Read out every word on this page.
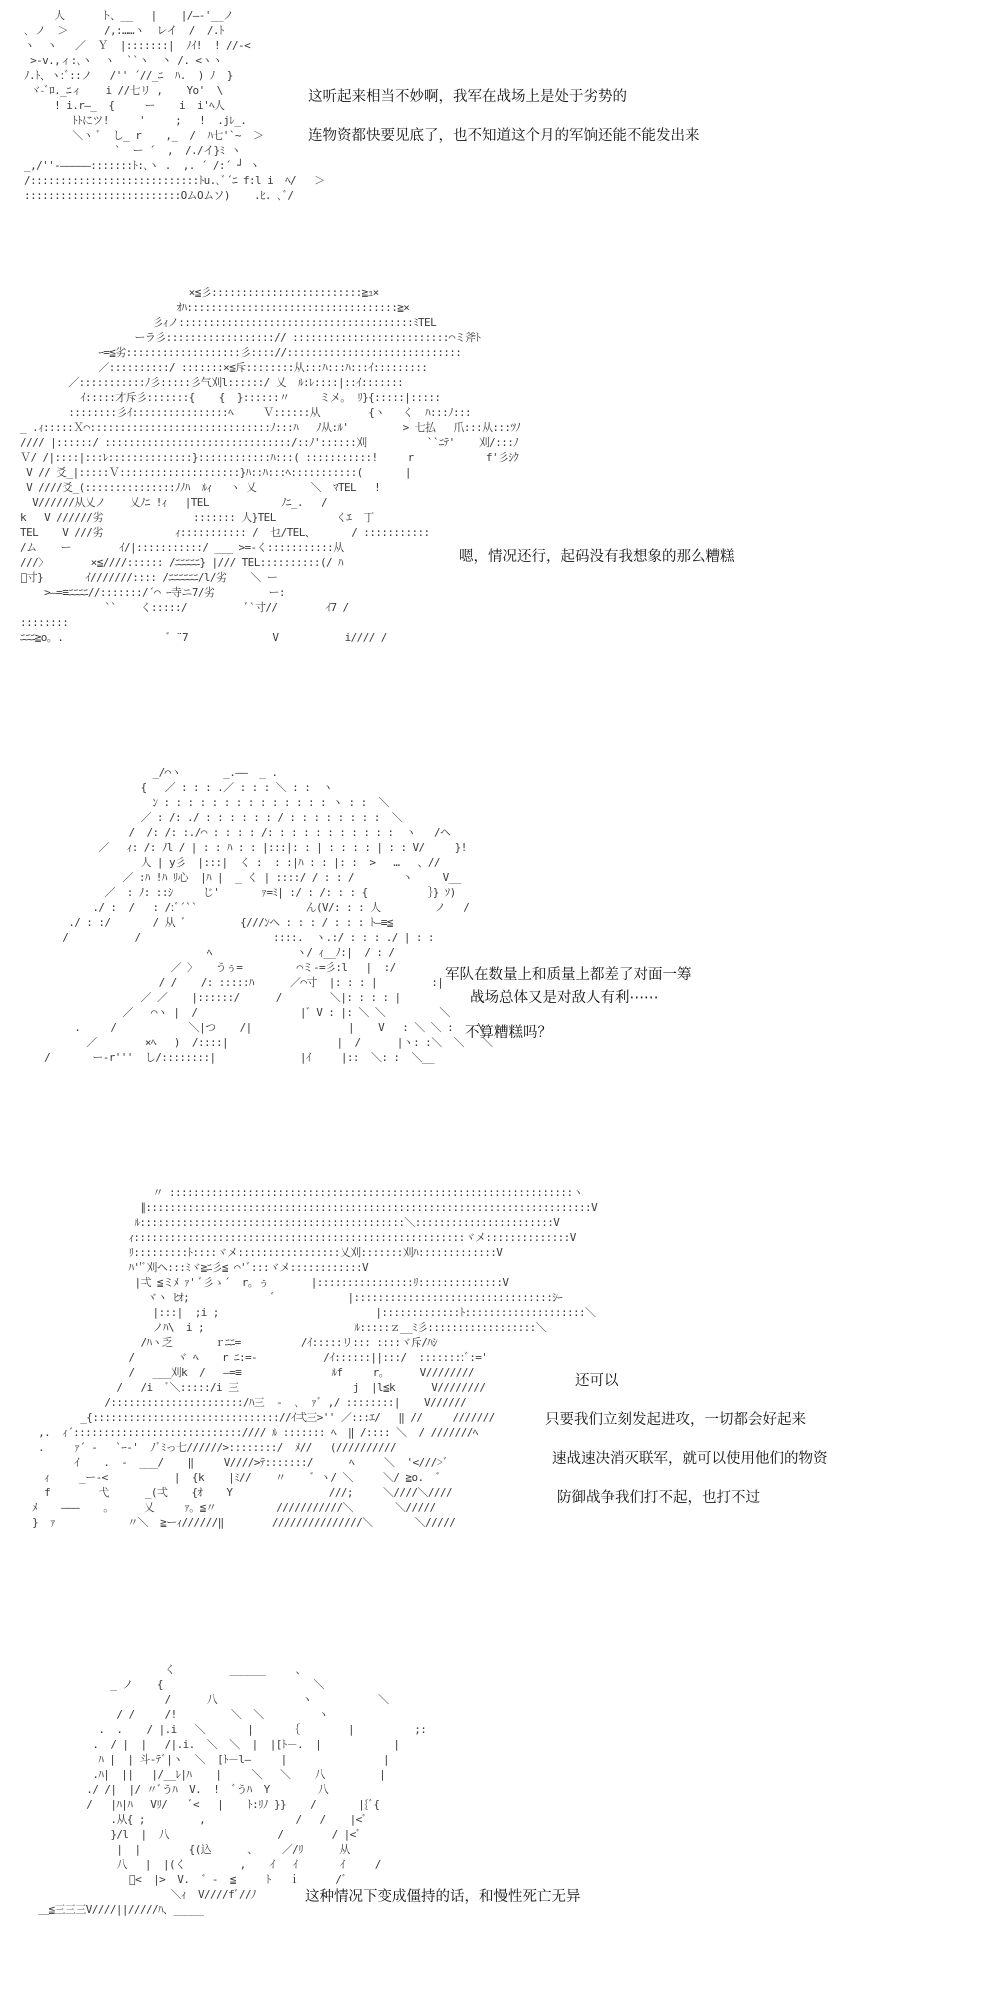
人      ト、__   |    |/―-'__ノ
､ ノ  ＞      /,:……ヽ  レイ  /  /.ﾄ
ヽ  ヽ   ／  Ｙ  |:::::::|  ﾉｲ!  ! //-<
>-v.,ィ:､ヽ  ヽ  ``ヽ  丶 /. <ヽヽ
ﾉ.ﾄ、ヽ:ﾞ::ノ   /'' ´//_ﾆ  ﾊ.  ) ﾉ  }
ヾ-ﾞﾛ._ﾆィ    i //七リ ,    Yo'  \
! i.r―_  {     ー    i  i'ﾍ人
ﾄﾄにツ!     '     ;   !  .jﾚ_.
＼ヽ ﾞ  し_ r    ,_  /  ﾊ七'`~  ＞
`  ー ´  ,  /./イ}ﾐ ヽ
_,/''‐―――――:::::::ﾄ:､ヽ .  ,. ´ /:´ ┘ ヽ
/::::::::::::::::::::::::::::ﾄu.､ﾞ´ﾆ f:l i  ﾍ/   ＞
::::::::::::::::::::::::::OムOムソ)    .ﾋ. ､ﾞ/

这听起来相当不妙啊，我军在战场上是处于劣势的

连物资都快要见底了，也不知道这个月的军饷还能不能发出来

×≦彡:::::::::::::::::::::::::≧ｭ×
ｵﾊ:::::::::::::::::::::::::::::::::::≧×
彡ｨノ:::::::::::::::::::::::::::::::::::::::ﾐTEL
ーラ彡::::::::::::::::::// ::::::::::::::::::::::::::⌒ミ斧ﾄ
ｰ=≦劣:::::::::::::::::::彡:::://:::::::::::::::::::::::::::::
／::::::::::/ :::::::×≦斥::::::::从:::ﾊ:::ﾊ:::ｲ:::::::::
／:::::::::::ﾉ彡:::::彡气刈l::::::/ 乂  ﾙ:ﾚ::::|::ｲ:::::::
ｲ:::::才斥彡:::::::{    {  }::::::〃     ミメ｡  ﾘ}{:::::|:::::
::::::::彡ｲ::::::::::::::::ﾍ     Ｖ::::::从        {ヽ   く  ﾊ:::ﾉ:::
_ .ｨ:::::Ｘ⌒::::::::::::::::::::::::::::::ﾉ:::ﾊ   ﾉ从:ﾙ'         > 七払   爪:::从:::ﾂﾉ
//// |::::::/ :::::::::::::::::::::::::::::::/::ﾉ'::::::刈          ``ﾆﾃ'    刈/:::ﾉ
Ｖ/ /|::::|:::ﾚ::::::::::::::}::::::::::::ﾊ:::( :::::::::::!     r            f'彡ｼｸ
V // 爻_|:::::Ｖ::::::::::::::::::::}ﾊ::ﾊ:::ﾍ:::::::::::(       |
V ////爻_(:::::::::::::::ﾉﾉﾊ  ﾙｨ   ヽ 乂         ＼  ﾏTEL   !
V//////从乂ノ    乂ﾉﾆ !ｨ   |TEL            ﾉﾆ_.   /
k   V //////劣               ::::::: 人}TEL          くｴ  丁
TEL    V ///劣            ｨ::::::::::: /  乜/TEL、      / :::::::::::
/ム    ー        ｲ/|:::::::::::/ ___ >=-く:::::::::::从
///〉       ×≦////:::::: /ﾆﾆﾆﾆﾆ} |/// TEL::::::::::(/ ﾊ
ﾞ寸}       ｲ///////:::: /ﾆﾆﾆﾆﾆﾆ/l/劣    ＼ ー
>―=≡ﾆﾆﾆﾆ//:::::::/´⌒ ｰ寺ニ7/劣         ー:
``    く:::::/          ﾞ`寸//        ｲ7 /
::::::::
ﾆﾆﾆ≧o。.                 ゛¨7              V           i//// /

嗯，情况还行，起码没有我想象的那么糟糕

_/⌒ヽ       _.――  _ .
{   ／ : : : .／ : : : ＼ : :  ヽ
ﾝ : : : : : : : : : : : : : : ヽ : :  ＼
／ : /: ./ : : : : : : / : : : : : : : :  ＼
/  /: /: :./⌒ : : : : /: : : : : : : : : : :  ヽ   /ヘ
／   ｨ: /: ﾉl / | : : ﾊ : : |:::|: : | : : : : | : : V/     }!
人 | y彡  |:::|  く :  : :|ﾊ : : |: :  >   …   、//
／ :ﾊ !ﾊ ﾘ心  |ﾊ |  _ く | ::::/ / : : /        ヽ     V__
／  : ﾉ: ::ｼ     じ'       ｧ=ﾐ| :/ : /: : : {          ｝} ｿ)
./ :  /   : /:ﾞ´``                  ん(V/: : : 人         ノ   /
./ : :/       / 从 ﾞ         {///ﾝヘ : : : / : : : ﾄ―≡≦
/           /                      ::::.  ヽ.:/ : : : ./ | : :
ﾍ              ヽ/ ｨ__ﾉ:|  / : /
／ 〉   うぅ=         ⌒ミ-=彡:l   |  :/
/ /    /: :::::ﾊ      ／⌒寸  |: : : |         :|
／ ／    |::::::/      /        ＼|: : : : |            ＼
／   ⌒ヽ |  /                 |゛V : |: ＼ ＼         ＼
.     /            ＼|つ    /|                |    V   : ＼ ＼ :    \
／        ×ﾍ   )  /::::|                  |  /      |ヽ: :＼  ＼   ＼
/       ー-r'''  し/::::::::|              |ｲ     |::  ＼: :  ＼__

军队在数量上和质量上都差了对面一筹

战场总体又是对敌人有利⋯⋯

不算糟糕吗？

〃 :::::::::::::::::::::::::::::::::::::::::::::::::::::::::::::::::::ヽ
∥::::::::::::::::::::::::::::::::::::::::::::::::::::::::::::::::::::::::::V
ﾙ::::::::::::::::::::::::::::::::::::::::::::＼:::::::::::::::::::::::V
ｨ:::::::::::::::::::::::::::::::::::::::::::::::::::::::ヾメ::::::::::::::V
ﾘ:::::::::ﾄ::::ヾメ:::::::::::::::::乂刈:::::::刈ﾊ:::::::::::::V
ﾊ''ﾞ刈ヘ:::ﾐヾ≧ﾆ彡≦ ⌒'ﾞ:::ヾメ::::::::::::V
|弌 ≦ミﾒ ｧ' ﾞ彡ゝ´  r。ぅ       |::::::::::::::::ﾘ::::::::::::::V
ヾヽ ﾋｵ;              ﾞ            |:::::::::::::::::::::::::::::::::ｼｰ
|:::|  ;i ;                          |:::::::::::::ﾄ::::::::::::::::::::＼
ノﾊ\  i ;                         ﾙ:::::ｚ__ﾐ彡::::::::::::::::::＼
/ﾊヽ乏       ｒﾆﾆ=          /ｲ:::::リ::: ::::ヾ斥/ﾊｼ
/       ヾ ﾍ    r ﾆ:=-           /ｲ::::::||:::/  ::::::::ﾞ:='
/   ___刈k  /   ―=≡               ﾙf     r｡      V////////
/   /i  ﾞ＼:::::/i 三                   j  |l≦k      V////////
/::::::::::::::::::::::/ﾊ三  -  ､  ｧﾞ ,/ ::::::::|    V//////
_{::::::::::::::::::::::::::::::://ｲ弌三>'' ／:::ｴ/   ‖ //     ///////
,.  ｨ´:::::::::::::::::::::::::::://// ﾙ ::::::: ﾍ  ‖ /:::: ＼  / ///////ﾍ
.     ｧ´ -   `ｰ-'  ﾉﾞﾐっ七//////>::::::::/  ﾒ//   (//////////
ｲ    .  -  ___/    ‖     V////>ﾃ:::::::/      ﾍ     ＼  '<///>ﾞ
ｨ     _ー-<           |  {k    |ﾐ//    〃    ゛ヽ/ ＼     ＼/ ≧o.  ゛
f        弋      _(弌    {ｵ    Y                ///;     ＼////＼////
ﾒ    ―――    。     乂     ｧ。≦〃          ///////////＼       ＼/////
}  ｧ            〃＼  ≧ーｨ//////‖        ///////////////＼       ＼/////

还可以

只要我们立刻发起进攻，一切都会好起来

速战速决消灭联军，就可以使用他们的物资

防御战争我们打不起，也打不过

く         ______     、
_ ノ    {                         ＼
/      八              ヽ           ＼
/ /     /!         ＼  ＼         ヽ
.  .    / |.i   ＼       |      ｛        |          ;:
.  / |  |   /|.i.  ＼  ＼  |  |[ﾄ－.  |            |
ﾊ |  | 斗-ﾃﾞ|ヽ  ＼  [ﾄ－l―     |                |
.ﾊ|  ||   |/__ﾚ|ﾊ    |     ＼   ＼    八         |
./ /|  |/ 〃ﾞうﾊ  V.  !  ﾞうﾊ  Y        八
/   |ﾊ|ﾊ   Vﾘ/    ﾞ<   |    ﾄ:ﾘﾉ }}    /       |{ﾞ{
.从{ ;         ,               /   /    |<ﾞ
}/l  |  八                  /        / |<ﾞ
|  |        {(込      、    ／/ﾘ      从
八   |  |(く         ,    ｲ   ｲ       ｲ     /
ﾞ<  |>  V.  ゛-  ≦     ﾄ   ｉ      /ﾞ
＼ｨ  V////fﾞ//ﾉ
＿≦三三三V////||/////ﾊ、_____

这种情况下变成僵持的话，和慢性死亡无异
